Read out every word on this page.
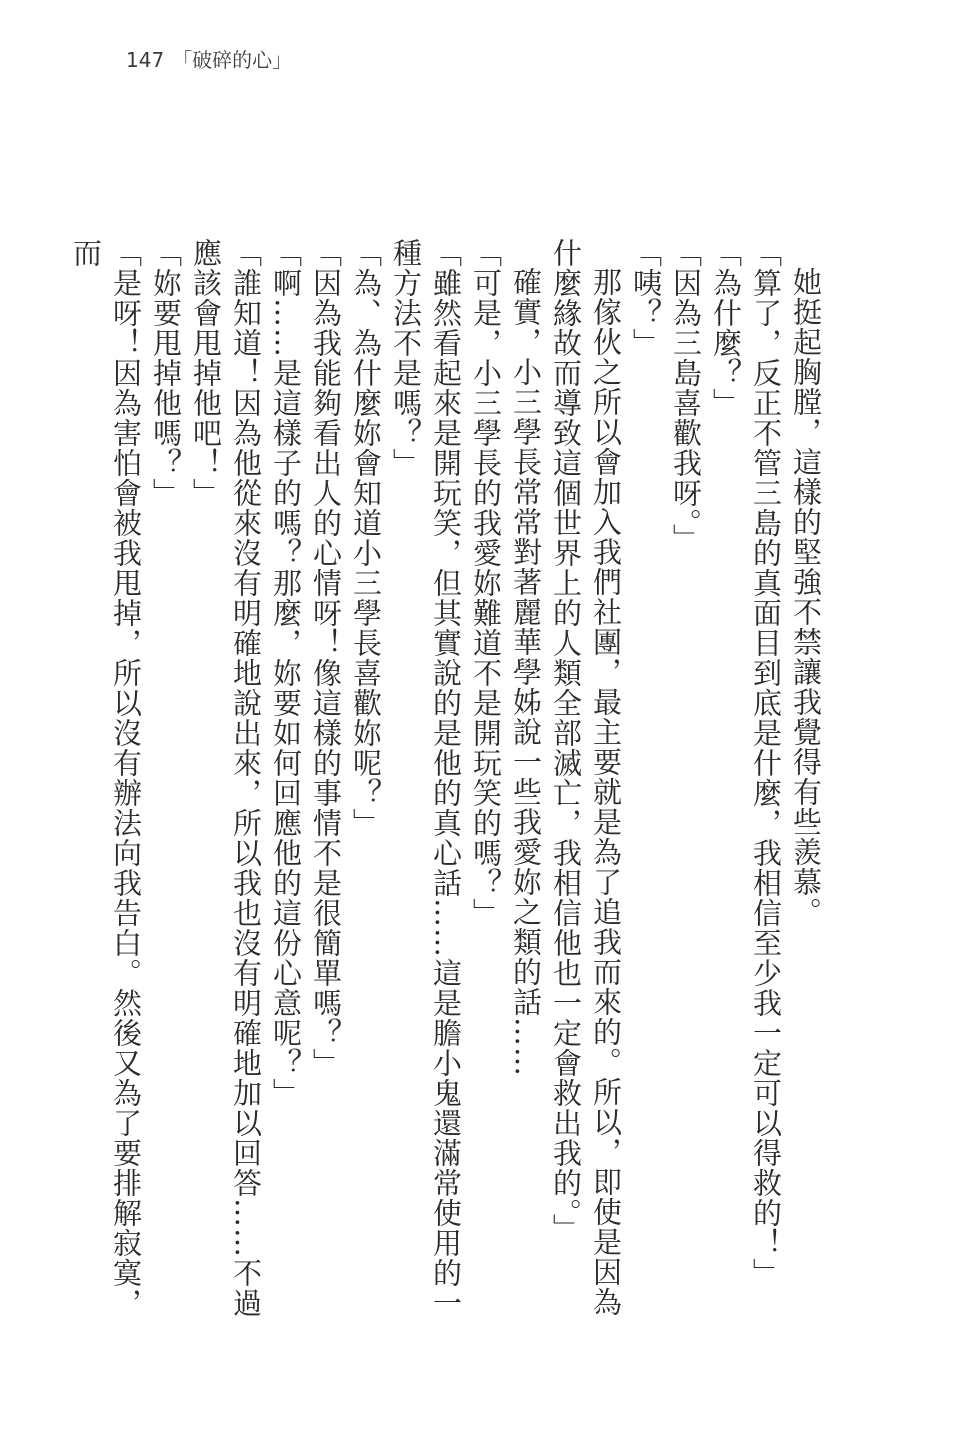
147 「破碎的心」

她挺起胸膛，這樣的堅強不禁讓我覺得有些羨慕。

「算了，反正不管三島的真面目到底是什麼，我相信至少我一定可以得救的！」

「為什麼？」

「因為三島喜歡我呀。」

「咦？」

那傢伙之所以會加入我們社團，最主要就是為了追我而來的。所以，即使是因為什麼緣故而導致這個世界上的人類全部滅亡，我相信他也一定會救出我的。」

確實，小三學長常常對著麗華學姊說一些我愛妳之類的話……

「可是，小三學長的我愛妳難道不是開玩笑的嗎？」

「雖然看起來是開玩笑，但其實說的是他的真心話……這是膽小鬼還滿常使用的一種方法不是嗎？」

「為、為什麼妳會知道小三學長喜歡妳呢？」

「因為我能夠看出人的心情呀！像這樣的事情不是很簡單嗎？」

「啊……是這樣子的嗎？那麼，妳要如何回應他的這份心意呢？」

「誰知道！因為他從來沒有明確地說出來，所以我也沒有明確地加以回答……不過應該會甩掉他吧！」

「妳要甩掉他嗎？」

「是呀！因為害怕會被我甩掉，所以沒有辦法向我告白。然後又為了要排解寂寞，而
